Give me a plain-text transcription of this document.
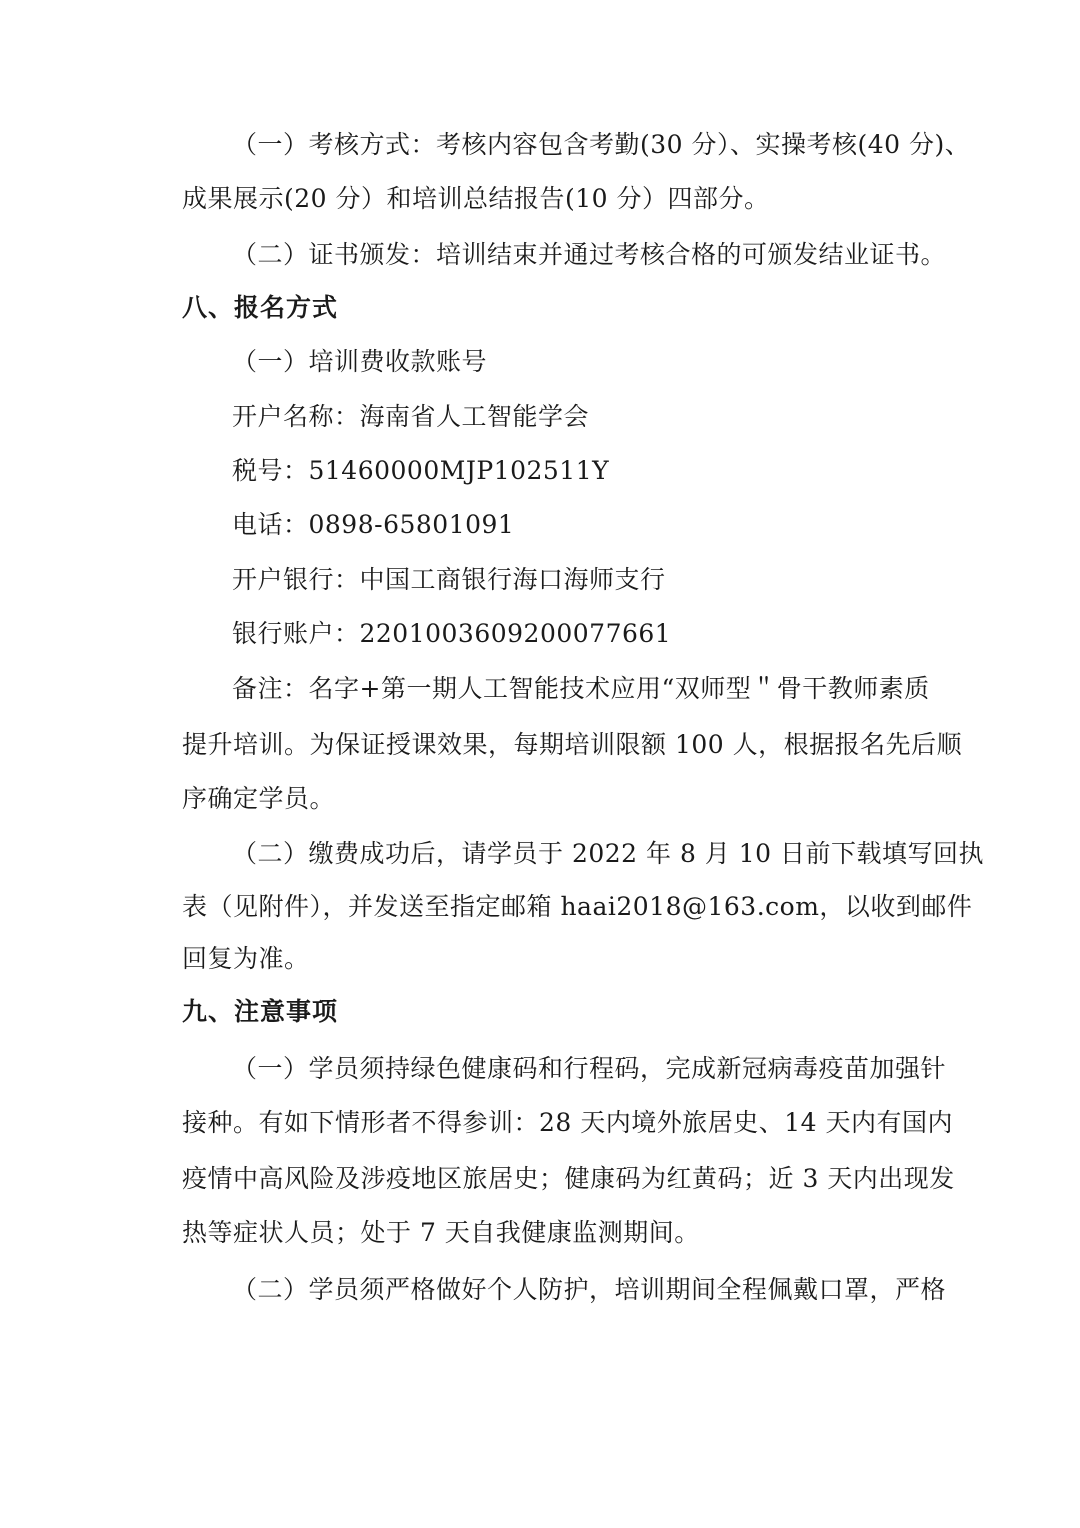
（一）考核方式：考核内容包含考勤(30 分）、实操考核(40 分)、
成果展示(20 分）和培训总结报告(10 分）四部分。
（二）证书颁发：培训结束并通过考核合格的可颁发结业证书。
八、报名方式
（一）培训费收款账号
开户名称：海南省人工智能学会
税号：51460000MJP102511Y
电话：0898-65801091
开户银行：中国工商银行海口海师支行
银行账户：2201003609200077661
备注：名字+第一期人工智能技术应用“双师型＂骨干教师素质
提升培训。为保证授课效果，每期培训限额 100 人，根据报名先后顺
序确定学员。
（二）缴费成功后，请学员于 2022 年 8 月 10 日前下载填写回执
表（见附件），并发送至指定邮箱 haai2018@163.com，以收到邮件
回复为准。
九、注意事项
（一）学员须持绿色健康码和行程码，完成新冠病毒疫苗加强针
接种。有如下情形者不得参训：28 天内境外旅居史、14 天内有国内
疫情中高风险及涉疫地区旅居史；健康码为红黄码；近 3 天内出现发
热等症状人员；处于 7 天自我健康监测期间。
（二）学员须严格做好个人防护，培训期间全程佩戴口罩，严格
